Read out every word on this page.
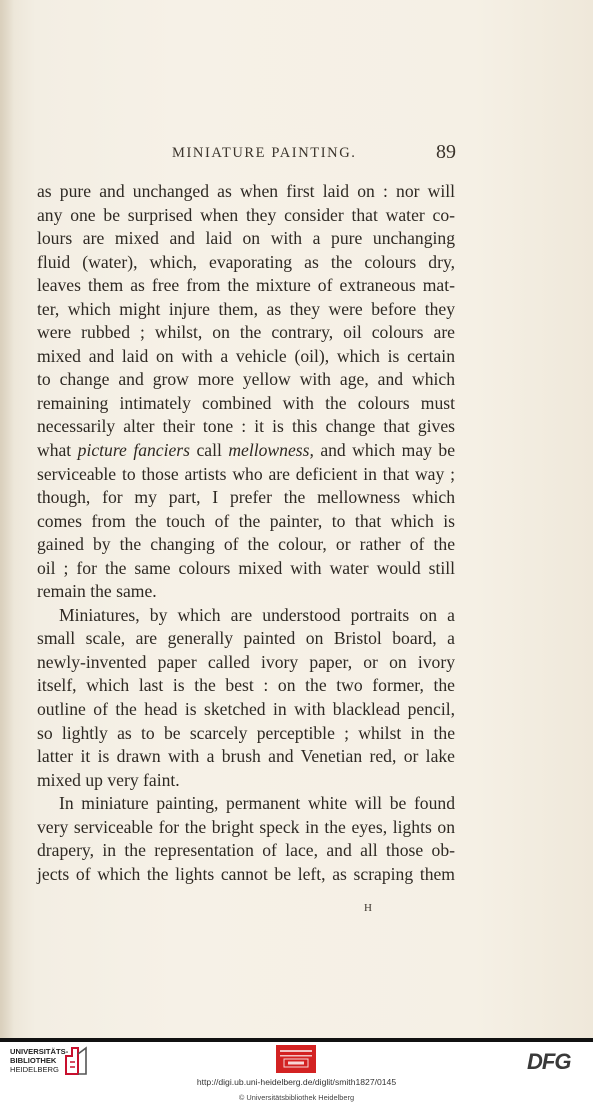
MINIATURE PAINTING.	89
as pure and unchanged as when first laid on : nor will
any one be surprised when they consider that water co-
lours are mixed and laid on with a pure unchanging
fluid (water), which, evaporating as the colours dry,
leaves them as free from the mixture of extraneous mat-
ter, which might injure them, as they were before they
were rubbed ; whilst, on the contrary, oil colours are
mixed and laid on with a vehicle (oil), which is certain
to change and grow more yellow with age, and which
remaining intimately combined with the colours must
necessarily alter their tone : it is this change that gives
what picture fanciers call mellowness, and which may be
serviceable to those artists who are deficient in that way ;
though, for my part, I prefer the mellowness which
comes from the touch of the painter, to that which is
gained by the changing of the colour, or rather of the
oil ; for the same colours mixed with water would still
remain the same.
Miniatures, by which are understood portraits on a
small scale, are generally painted on Bristol board, a
newly-invented paper called ivory paper, or on ivory
itself, which last is the best : on the two former, the
outline of the head is sketched in with blacklead pencil,
so lightly as to be scarcely perceptible ; whilst in the
latter it is drawn with a brush and Venetian red, or lake
mixed up very faint.
In miniature painting, permanent white will be found
very serviceable for the bright speck in the eyes, lights on
drapery, in the representation of lace, and all those ob-
jects of which the lights cannot be left, as scraping them
H
UNIVERSITÄTS-
BIBLIOTHEK
HEIDELBERG	DFG
http://digi.ub.uni-heidelberg.de/diglit/smith1827/0145
© Universitätsbibliothek Heidelberg
